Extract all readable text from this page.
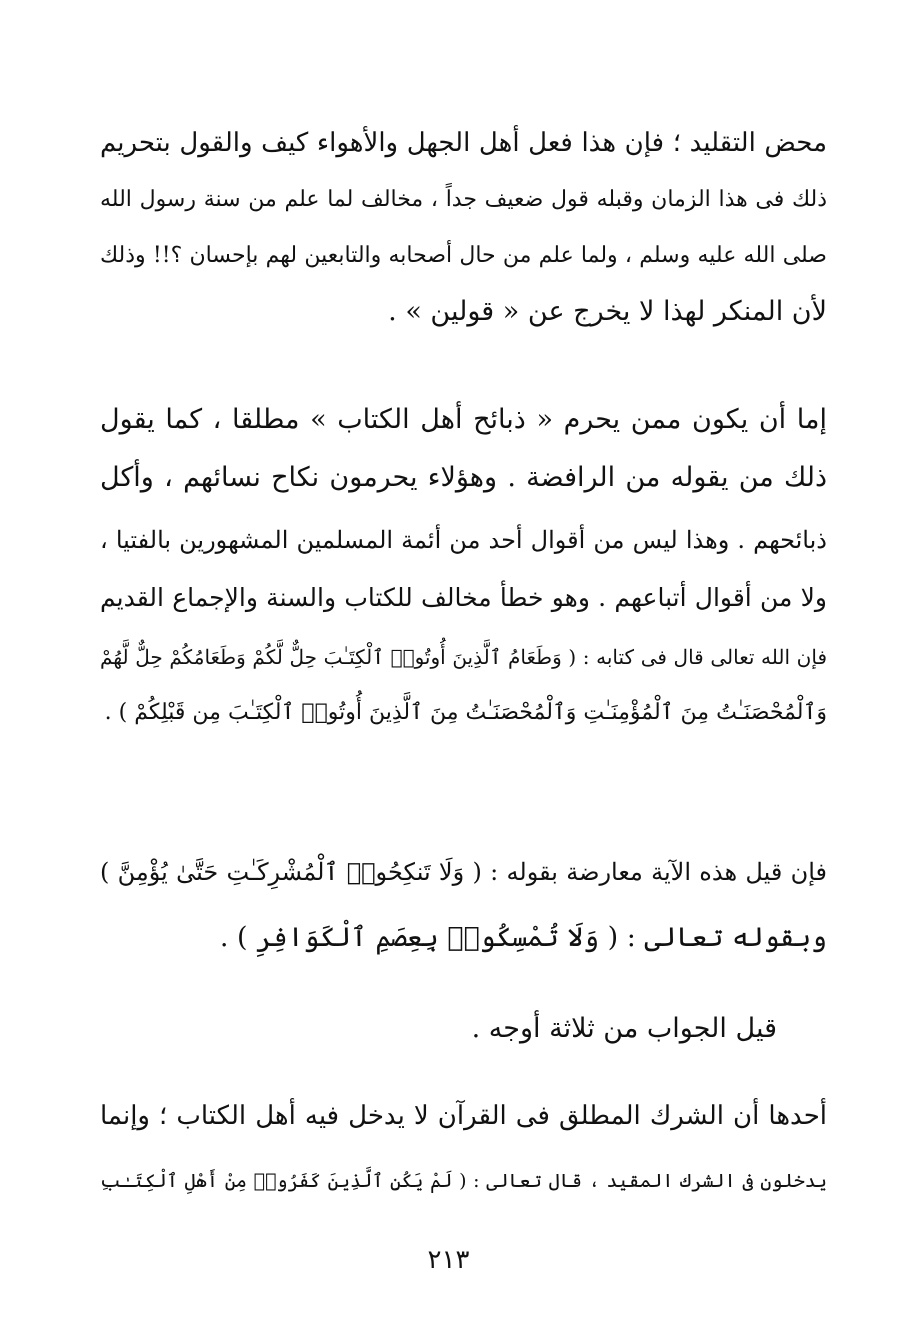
محض التقليد ؛ فإن هذا فعل أهل الجهل والأهواء كيف والقول بتحريم
ذلك فى هذا الزمان وقبله قول ضعيف جداً ، مخالف لما علم من سنة رسول الله
صلى الله عليه وسلم ، ولما علم من حال أصحابه والتابعين لهم بإحسان ؟!! وذلك
لأن المنكر لهذا لا يخرج عن « قولين » .
إما أن يكون ممن يحرم « ذبائح أهل الكتاب » مطلقا ، كما يقول
ذلك من يقوله من الرافضة . وهؤلاء يحرمون نكاح نسائهم ، وأكل
ذبائحهم . وهذا ليس من أقوال أحد من أئمة المسلمين المشهورين بالفتيا ،
ولا من أقوال أتباعهم . وهو خطأ مخالف للكتاب والسنة والإجماع القديم
فإن الله تعالى قال فى كتابه : ( وَطَعَامُ ٱلَّذِينَ أُوتُوا۟ ٱلْكِتَـٰبَ حِلٌّ لَّكُمْ وَطَعَامُكُمْ حِلٌّ لَّهُمْ
وَٱلْمُحْصَنَـٰتُ مِنَ ٱلْمُؤْمِنَـٰتِ وَٱلْمُحْصَنَـٰتُ مِنَ ٱلَّذِينَ أُوتُوا۟ ٱلْكِتَـٰبَ مِن قَبْلِكُمْ ) .
فإن قيل هذه الآية معارضة بقوله : ( وَلَا تَنكِحُوا۟ ٱلْمُشْرِكَـٰتِ حَتَّىٰ يُؤْمِنَّ )
وبقوله تعالى : ( وَلَا تُمْسِكُوا۟ بِعِصَمِ ٱلْكَوَافِرِ ) .
قيل الجواب من ثلاثة أوجه .
أحدها أن الشرك المطلق فى القرآن لا يدخل فيه أهل الكتاب ؛ وإنما
يدخلون فى الشرك المقيد ، قال تعالى : ( لَمْ يَكُنِ ٱلَّذِينَ كَفَرُوا۟ مِنْ أَهْلِ ٱلْكِتَـٰبِ
٢١٣
